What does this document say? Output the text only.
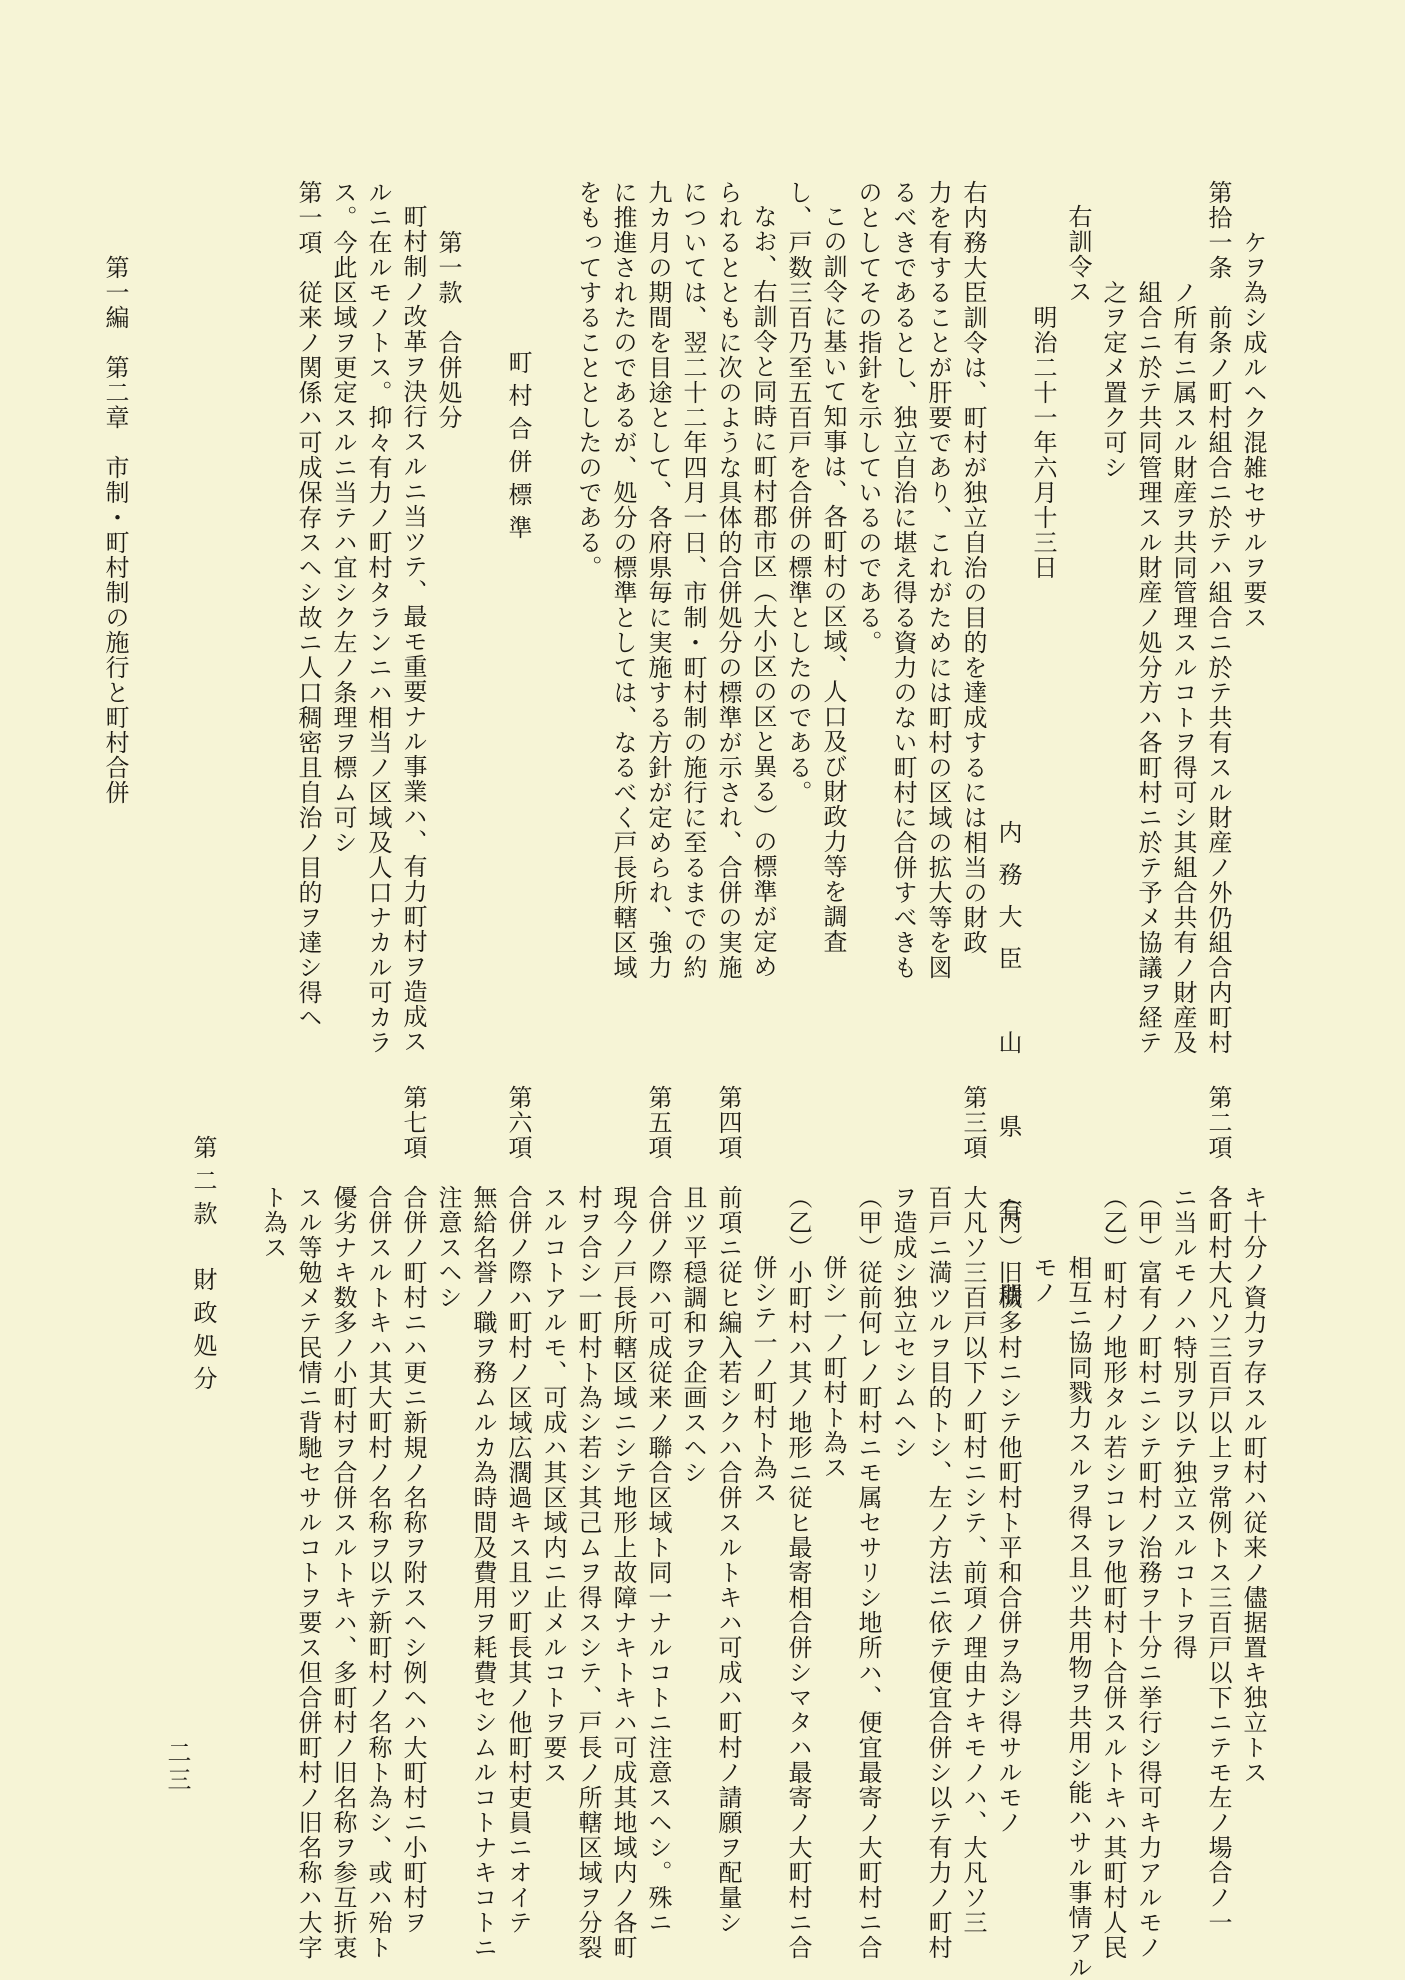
ケヲ為シ成ルヘク混雑セサルヲ要ス

第拾一条　前条ノ町村組合ニ於テハ組合ニ於テ共有スル財産ノ外仍組合内町村

ノ所有ニ属スル財産ヲ共同管理スルコトヲ得可シ其組合共有ノ財産及

組合ニ於テ共同管理スル財産ノ処分方ハ各町村ニ於テ予メ協議ヲ経テ

之ヲ定メ置ク可シ

右訓令ス

明治二十一年六月十三日

内務大臣　山　県　有　朋

右内務大臣訓令は、町村が独立自治の目的を達成するには相当の財政

力を有することが肝要であり、これがためには町村の区域の拡大等を図

るべきであるとし、独立自治に堪え得る資力のない町村に合併すべきも

のとしてその指針を示しているのである。

この訓令に基いて知事は、各町村の区域、人口及び財政力等を調査

し、戸数三百乃至五百戸を合併の標準としたのである。

なお、右訓令と同時に町村郡市区（大小区の区と異る）の標準が定め

られるとともに次のような具体的合併処分の標準が示され、合併の実施

については、翌二十二年四月一日、市制・町村制の施行に至るまでの約

九カ月の期間を目途として、各府県毎に実施する方針が定められ、強力

に推進されたのであるが、処分の標準としては、なるべく戸長所轄区域

をもってすることとしたのである。

町村合併標準

第一款　合併処分

町村制ノ改革ヲ決行スルニ当ツテ、最モ重要ナル事業ハ、有力町村ヲ造成ス

ルニ在ルモノトス。抑々有力ノ町村タランニハ相当ノ区域及人口ナカル可カラ

ス。今此区域ヲ更定スルニ当テハ宜シク左ノ条理ヲ標ム可シ

第一項　従来ノ関係ハ可成保存スヘシ故ニ人口稠密且自治ノ目的ヲ達シ得ヘ

キ十分ノ資力ヲ存スル町村ハ従来ノ儘据置キ独立トス

第二項　各町村大凡ソ三百戸以上ヲ常例トス三百戸以下ニテモ左ノ場合ノ一

ニ当ルモノハ特別ヲ以テ独立スルコトヲ得

（甲）富有ノ町村ニシテ町村ノ治務ヲ十分ニ挙行シ得可キ力アルモノ

（乙）町村ノ地形タル若シコレヲ他町村ト合併スルトキハ其町村人民

相互ニ協同戮力スルヲ得ス且ツ共用物ヲ共用シ能ハサル事情アル

モノ

（丙）旧穢多村ニシテ他町村ト平和合併ヲ為シ得サルモノ

第三項　大凡ソ三百戸以下ノ町村ニシテ、前項ノ理由ナキモノハ、大凡ソ三

百戸ニ満ツルヲ目的トシ、左ノ方法ニ依テ便宜合併シ以テ有力ノ町村

ヲ造成シ独立セシムヘシ

（甲）従前何レノ町村ニモ属セサリシ地所ハ、便宜最寄ノ大町村ニ合

併シ一ノ町村ト為ス

（乙）小町村ハ其ノ地形ニ従ヒ最寄相合併シマタハ最寄ノ大町村ニ合

併シテ一ノ町村ト為ス

第四項　前項ニ従ヒ編入若シクハ合併スルトキハ可成ハ町村ノ請願ヲ配量シ

且ツ平穏調和ヲ企画スヘシ

第五項　合併ノ際ハ可成従来ノ聯合区域ト同一ナルコトニ注意スヘシ。殊ニ

現今ノ戸長所轄区域ニシテ地形上故障ナキトキハ可成其地域内ノ各町

村ヲ合シ一町村ト為シ若シ其己ムヲ得スシテ、戸長ノ所轄区域ヲ分裂

スルコトアルモ、可成ハ其区域内ニ止メルコトヲ要ス

第六項　合併ノ際ハ町村ノ区域広濶過キス且ツ町長其ノ他町村吏員ニオイテ

無給名誉ノ職ヲ務ムルカ為時間及費用ヲ耗費セシムルコトナキコトニ

注意スヘシ

第七項　合併ノ町村ニハ更ニ新規ノ名称ヲ附スヘシ例ヘハ大町村ニ小町村ヲ

合併スルトキハ其大町村ノ名称ヲ以テ新町村ノ名称ト為シ、或ハ殆ト

優劣ナキ数多ノ小町村ヲ合併スルトキハ、多町村ノ旧名称ヲ参互折衷

スル等勉メテ民情ニ背馳セサルコトヲ要ス但合併町村ノ旧名称ハ大字

ト為ス

第二款　財政処分

第一編　第二章　市制・町村制の施行と町村合併
二三
